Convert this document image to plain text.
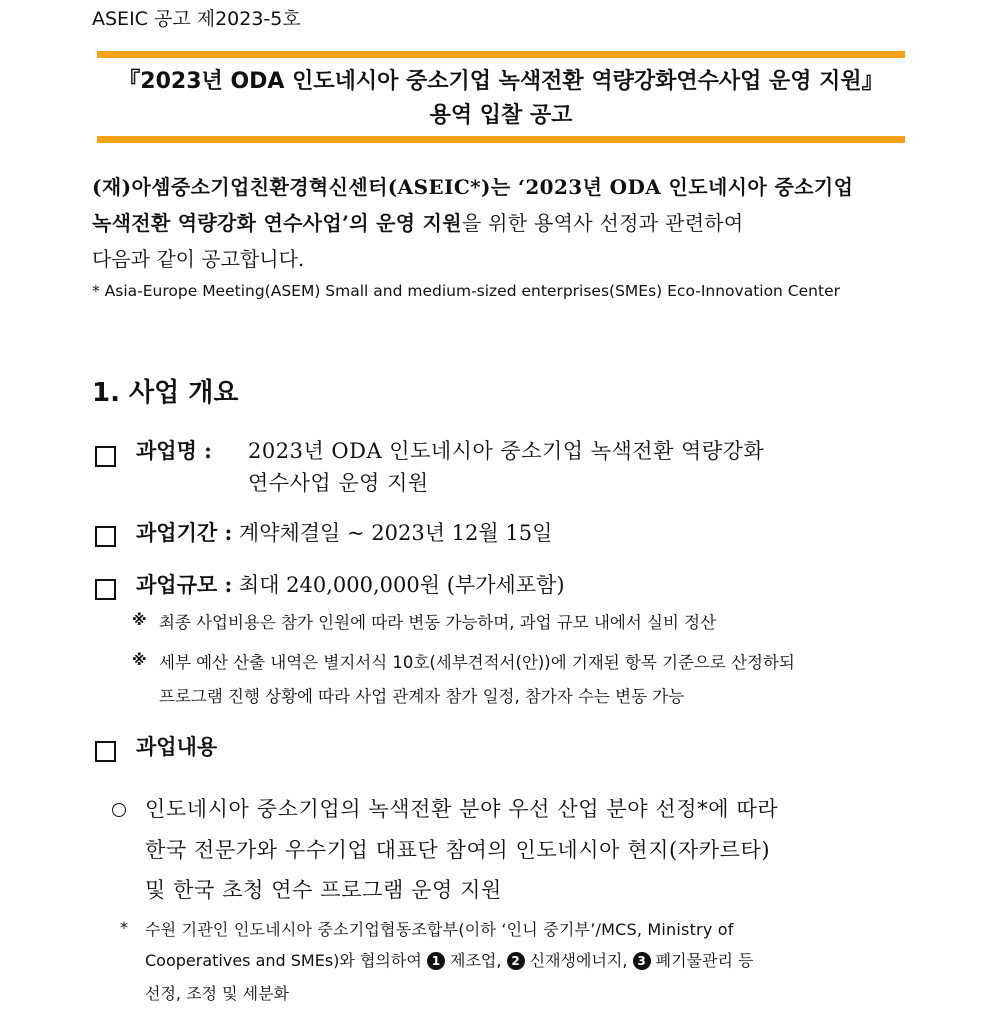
ASEIC 공고 제2023-5호
『2023년 ODA 인도네시아 중소기업 녹색전환 역량강화연수사업 운영 지원』
용역 입찰 공고
(재)아셈중소기업친환경혁신센터(ASEIC*)는 ‘2023년 ODA 인도네시아 중소기업
녹색전환 역량강화 연수사업’의 운영 지원을 위한 용역사 선정과 관련하여
다음과 같이 공고합니다.
* Asia-Europe Meeting(ASEM) Small and medium-sized enterprises(SMEs) Eco-Innovation Center
1. 사업 개요
과업명 : 2023년 ODA 인도네시아 중소기업 녹색전환 역량강화
연수사업 운영 지원
과업기간 : 계약체결일 ~ 2023년 12월 15일
과업규모 : 최대 240,000,000원 (부가세포함)
※ 최종 사업비용은 참가 인원에 따라 변동 가능하며, 과업 규모 내에서 실비 정산
※ 세부 예산 산출 내역은 별지서식 10호(세부견적서(안))에 기재된 항목 기준으로 산정하되
프로그램 진행 상황에 따라 사업 관계자 참가 일정, 참가자 수는 변동 가능
과업내용
인도네시아 중소기업의 녹색전환 분야 우선 산업 분야 선정*에 따라
한국 전문가와 우수기업 대표단 참여의 인도네시아 현지(자카르타)
및 한국 초청 연수 프로그램 운영 지원
* 수원 기관인 인도네시아 중소기업협동조합부(이하 ‘인니 중기부’/MCS, Ministry of
Cooperatives and SMEs)와 협의하여 1 제조업, 2 신재생에너지, 3 폐기물관리 등
선정, 조정 및 세분화
